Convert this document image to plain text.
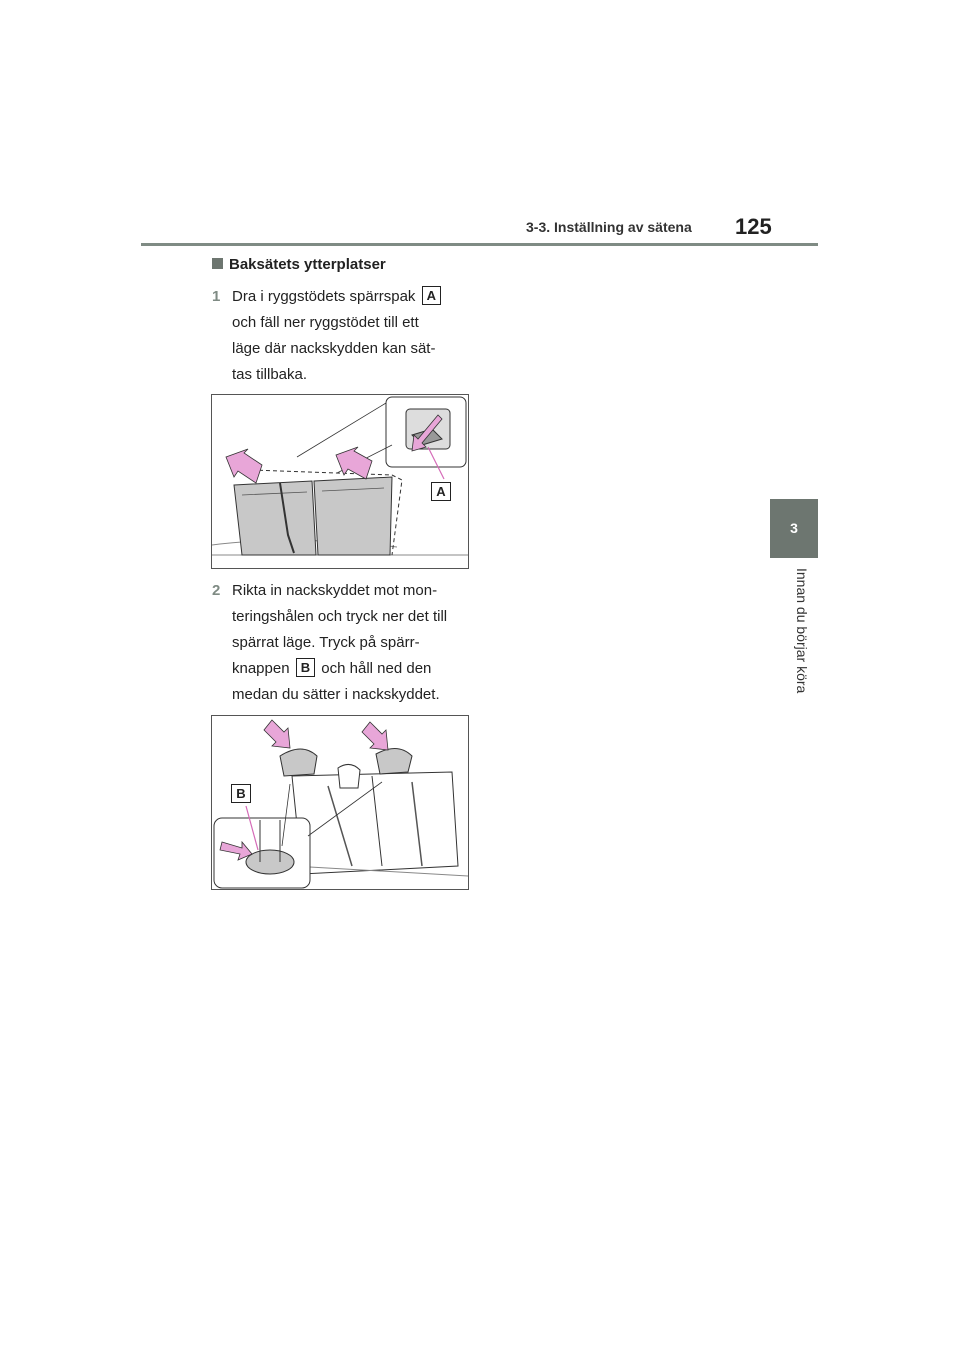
3-3. Inställning av sätena 125
3
Innan du börjar köra
Baksätets ytterplatser
1 Dra i ryggstödets spärrspak A
och fäll ner ryggstödet till ett
läge där nackskydden kan sät-
tas tillbaka.
A
2 Rikta in nackskyddet mot mon-
teringshålen och tryck ner det till
spärrat läge. Tryck på spärr-
knappen B och håll ned den
medan du sätter i nackskyddet.
B
